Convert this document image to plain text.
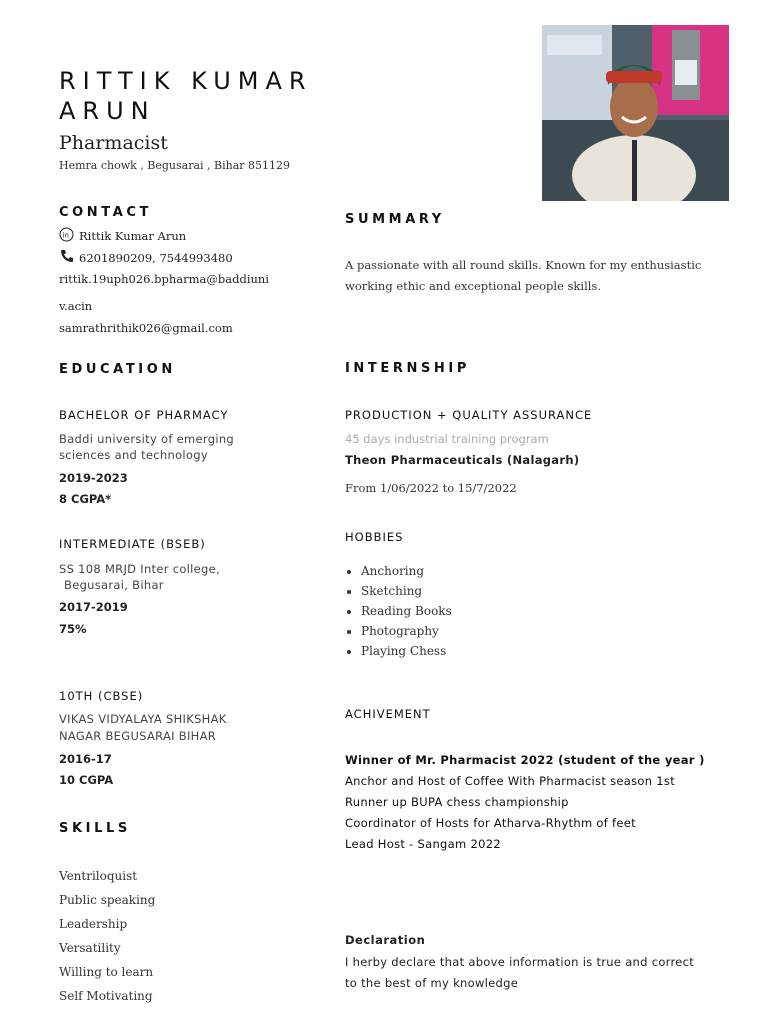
RITTIK KUMAR ARUN
Pharmacist
Hemra chowk , Begusarai , Bihar 851129
CONTACT
in Rittik Kumar Arun
6201890209, 7544993480
rittik.19uph026.bpharma@baddiuni
v.acin
samrathrithik026@gmail.com
SUMMARY
A passionate with all round skills. Known for my enthusiastic
working ethic and exceptional people skills.
EDUCATION
BACHELOR OF PHARMACY
Baddi university of emerging
sciences and technology
2019-2023
8 CGPA*
INTERMEDIATE (BSEB)
SS 108 MRJD Inter college,
Begusarai, Bihar
2017-2019
75%
10TH (CBSE)
VIKAS VIDYALAYA SHIKSHAK
NAGAR BEGUSARAI BIHAR
2016-17
10 CGPA
SKILLS
Ventriloquist
Public speaking
Leadership
Versatility
Willing to learn
Self Motivating
INTERNSHIP
PRODUCTION + QUALITY ASSURANCE
45 days industrial training program
Theon Pharmaceuticals (Nalagarh)
From 1/06/2022 to 15/7/2022
HOBBIES
• Anchoring
• Sketching
• Reading Books
• Photography
• Playing Chess
ACHIVEMENT
Winner of Mr. Pharmacist 2022 (student of the year )
Anchor and Host of Coffee With Pharmacist season 1st
Runner up BUPA chess championship
Coordinator of Hosts for Atharva-Rhythm of feet
Lead Host - Sangam 2022
Declaration
I herby declare that above information is true and correct
to the best of my knowledge
